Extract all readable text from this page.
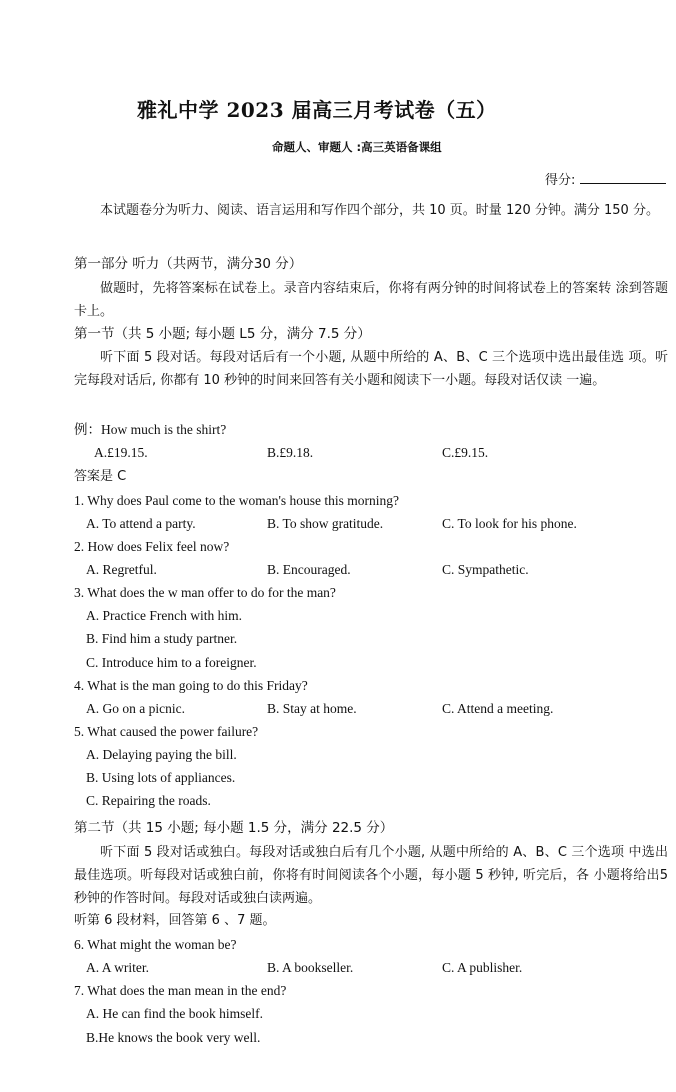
雅礼中学 2023 届高三月考试卷（五）
命题人、审题人 :高三英语备课组
得分:
本试题卷分为听力、阅读、语言运用和写作四个部分，共 10 页。时量 120 分钟。满分 150 分。
第一部分 听力（共两节，满分30 分）
做题时，先将答案标在试卷上。录音内容结束后，你将有两分钟的时间将试卷上的答案转 涂到答题卡上。
第一节（共 5 小题; 每小题 L5 分，满分 7.5 分）
听下面 5 段对话。每段对话后有一个小题, 从题中所给的 A、B、C 三个选项中选出最佳选 项。听完每段对话后, 你都有 10 秒钟的时间来回答有关小题和阅读下一小题。每段对话仅读 一遍。
例：How much is the shirt?
A.£19.15.	B.£9.18.	C.£9.15.
答案是 C
1. Why does Paul come to the woman's house this morning?
A. To attend a party.	B. To show gratitude.	C. To look for his phone.
2. How does Felix feel now?
A. Regretful.	B. Encouraged.	C. Sympathetic.
3. What does the w man offer to do for the man?
A. Practice French with him.
B. Find him a study partner.
C. Introduce him to a foreigner.
4. What is the man going to do this Friday?
A. Go on a picnic.	B. Stay at home.	C. Attend a meeting.
5. What caused the power failure?
A. Delaying paying the bill.
B. Using lots of appliances.
C. Repairing the roads.
第二节（共 15 小题; 每小题 1.5 分，满分 22.5 分）
听下面 5 段对话或独白。每段对话或独白后有几个小题, 从题中所给的 A、B、C 三个选项 中选出最佳选项。听每段对话或独白前，你将有时间阅读各个小题，每小题 5 秒钟, 听完后，各 小题将给出5 秒钟的作答时间。每段对话或独白读两遍。
听第 6 段材料，回答第 6 、7 题。
6. What might the woman be?
A. A writer.	B. A bookseller.	C. A publisher.
7. What does the man mean in the end?
A. He can find the book himself.
B.He knows the book very well.
